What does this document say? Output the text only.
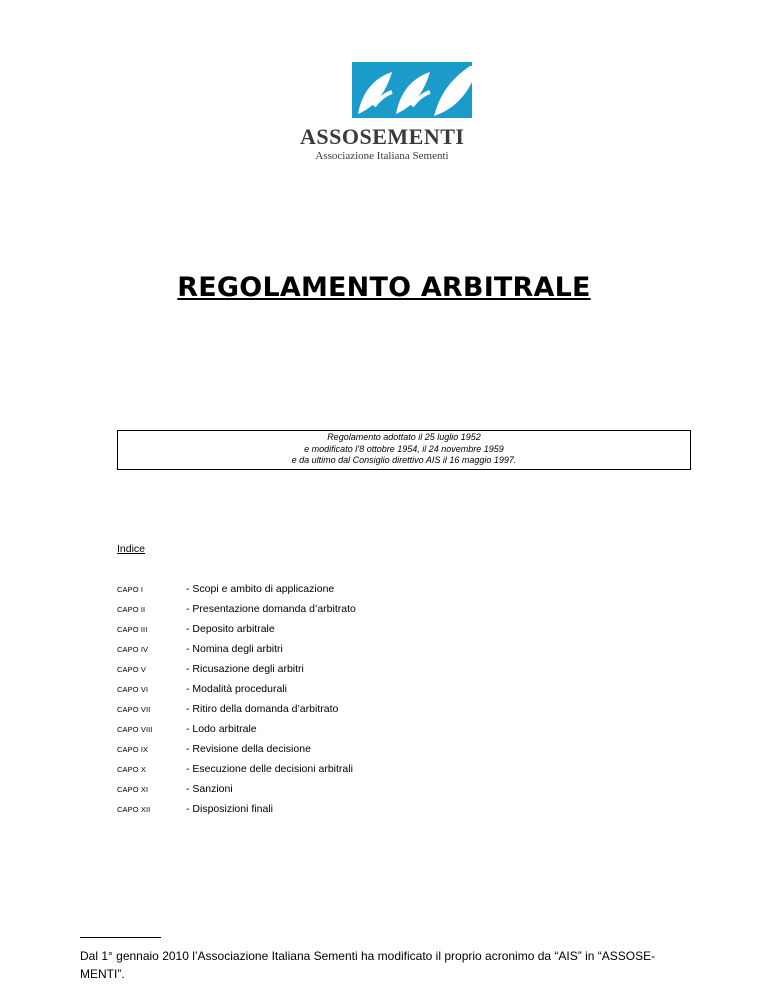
ASSOSEMENTI
Associazione Italiana Sementi
REGOLAMENTO ARBITRALE
Regolamento adottato il 25 luglio 1952
e modificato l’8 ottobre 1954, il 24 novembre 1959
e da ultimo dal Consiglio direttivo AIS il 16 maggio 1997.
Indice
CAPO I	- Scopi e ambito di applicazione
CAPO II	- Presentazione domanda d’arbitrato
CAPO III	- Deposito arbitrale
CAPO IV	- Nomina degli arbitri
CAPO V	- Ricusazione degli arbitri
CAPO VI	- Modalità procedurali
CAPO VII	- Ritiro della domanda d’arbitrato
CAPO VIII	- Lodo arbitrale
CAPO IX	- Revisione della decisione
CAPO X	- Esecuzione delle decisioni arbitrali
CAPO XI	- Sanzioni
CAPO XII	- Disposizioni finali
Dal 1° gennaio 2010 l’Associazione Italiana Sementi ha modificato il proprio acronimo da “AIS” in “ASSOSE-
MENTI”.
